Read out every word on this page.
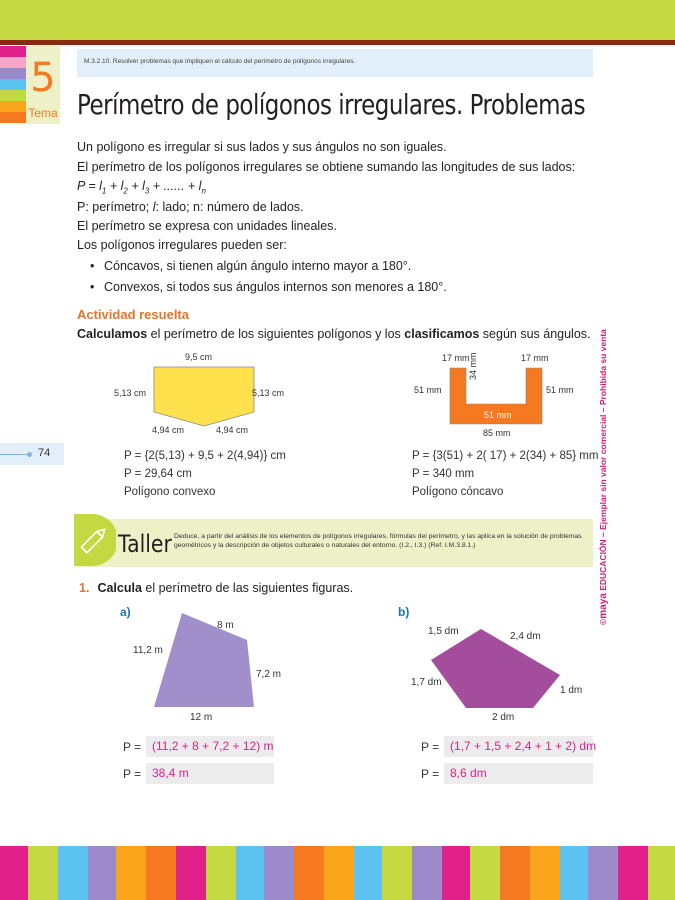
5
Tema
M.3.2.10. Resolver problemas que impliquen el cálculo del perímetro de polígonos irregulares.
Perímetro de polígonos irregulares. Problemas
Un polígono es irregular si sus lados y sus ángulos no son iguales.
El perímetro de los polígonos irregulares se obtiene sumando las longitudes de sus lados:
$P = l_1 + l_2 + l_3$ + ...... + $l_n$
P: perímetro; l: lado; n: número de lados.
El perímetro se expresa con unidades lineales.
Los polígonos irregulares pueden ser:
• Cóncavos, si tienen algún ángulo interno mayor a 180°.
• Convexos, si todos sus ángulos internos son menores a 180°.
Actividad resuelta
Calculamos el perímetro de los siguientes polígonos y los clasificamos según sus ángulos.
9,5 cm
5,13 cm	5,13 cm
4,94 cm	4,94 cm
17 mm	17 mm
51 mm	51 mm
34 mm
51 mm
85 mm
74	P = {2(5,13) + 9,5 + 2(4,94)} cm
P = 29,64 cm
Polígono convexo
P = {3(51) + 2( 17) + 2(34) + 85} mm
P = 340 mm
Polígono cóncavo
Taller Deduce, a partir del análisis de los elementos de polígonos irregulares, fórmulas del perímetro, y las aplica en la solución de problemas geométricos y la descripción de objetos culturales o naturales del entorno. (I.2., I.3.) (Ref. I.M.3.8.1.)
1. Calcula el perímetro de las siguientes figuras.
a)	b)
8 m
11,2 m
7,2 m
12 m
1,5 dm	2,4 dm
1,7 dm
1 dm
2 dm
P = (11,2 + 8 + 7,2 + 12) m
P = 38,4 m
P = (1,7 + 1,5 + 2,4 + 1 + 2) dm
P = 8,6 dm
©maya EDUCACIÓN – Ejemplar sin valor comercial – Prohibida su venta
